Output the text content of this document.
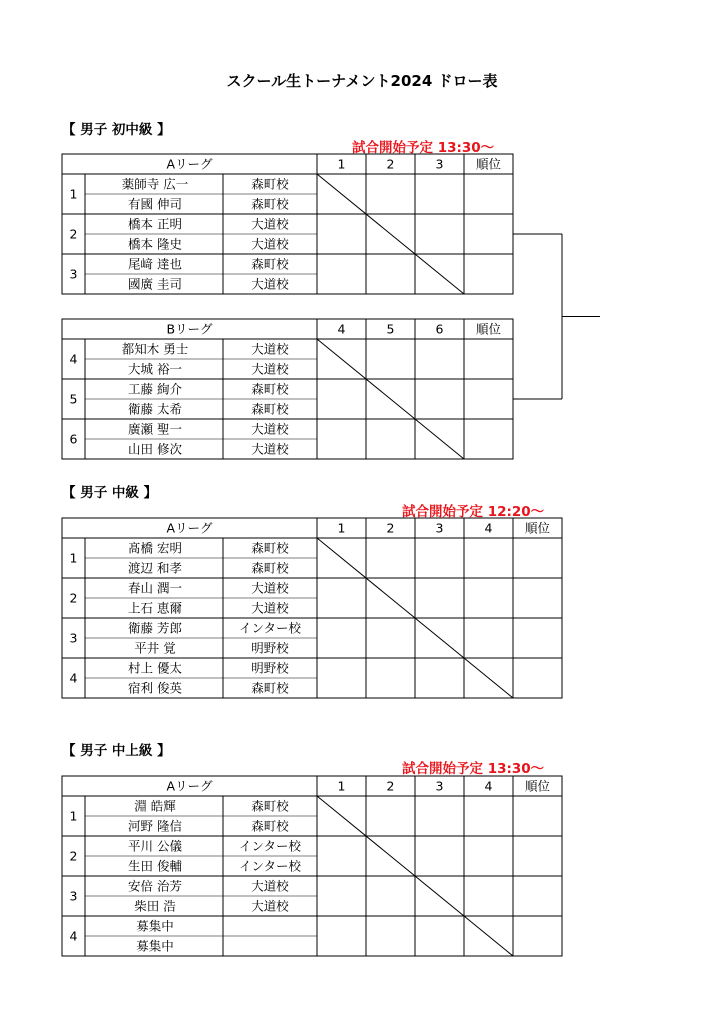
スクール生トーナメント2024 ドロー表
【 男子 初中級 】
試合開始予定 13:30～
【 男子 中級 】
試合開始予定 12:20～
【 男子 中上級 】
試合開始予定 13:30～
Aリーグ	1	2	3	順位
1
薬師寺 広一	森町校
有國 伸司	森町校
2
橋本 正明	大道校
橋本 隆史	大道校
3
尾﨑 達也	森町校
國廣 圭司	大道校
Bリーグ	4	5	6	順位
4
都知木 勇士	大道校
大城 裕一	大道校
5
工藤 絢介	森町校
衛藤 太希	森町校
6
廣瀬 聖一	大道校
山田 修次	大道校
Aリーグ	1	2	3	4	順位
1
髙橋 宏明	森町校
渡辺 和孝	森町校
2
春山 潤一	大道校
上石 恵爾	大道校
3
衛藤 芳郎	インター校
平井 覚	明野校
4
村上 優太	明野校
宿利 俊英	森町校
Aリーグ	1	2	3	4	順位
1
淵 皓輝	森町校
河野 隆信	森町校
2
平川 公儀	インター校
生田 俊輔	インター校
3
安倍 治芳	大道校
柴田 浩	大道校
4
募集中
募集中
